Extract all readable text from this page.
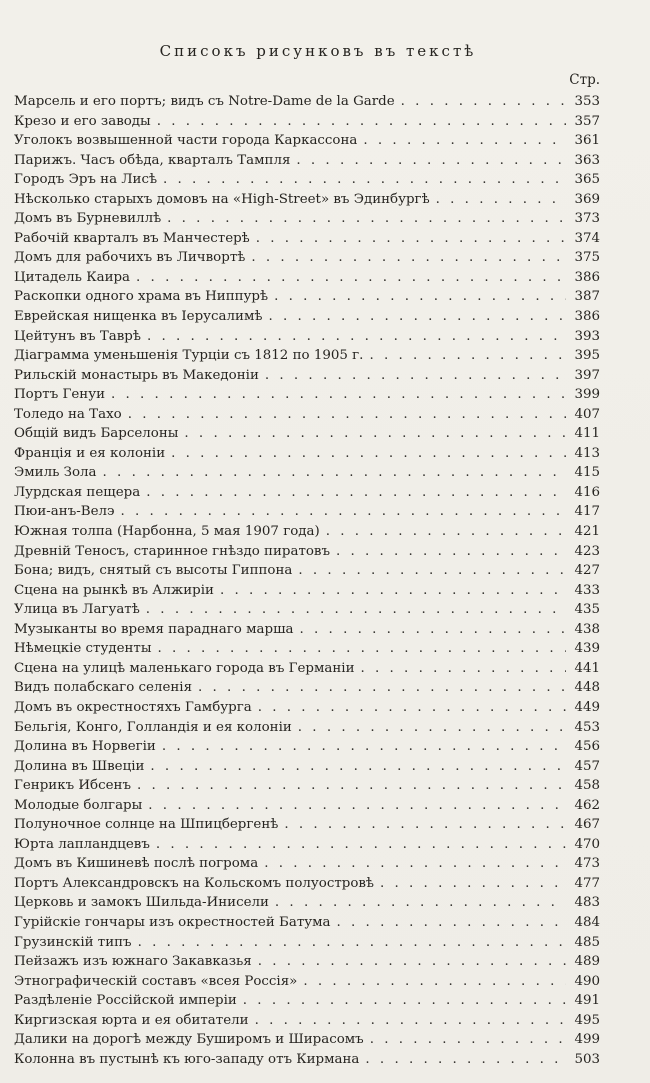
Списокъ рисунковъ въ текстѣ
Стр.
Марсель и его портъ; видъ съ Notre-Dame de la Garde . . .	353
Крезо и его заводы . . .	357
Уголокъ возвышенной части города Каркассона . . .	361
Парижъ. Часъ обѣда, кварталъ Тампля . . .	363
Городъ Эръ на Лисѣ . . .	365
Нѣсколько старыхъ домовъ на «High-Street» въ Эдинбургѣ . . .	369
Домъ въ Бурневиллѣ . . .	373
Рабочій кварталъ въ Манчестерѣ . . .	374
Домъ для рабочихъ въ Личвортѣ . . .	375
Цитадель Каира . . .	386
Раскопки одного храма въ Ниппурѣ . . .	387
Еврейская нищенка въ Іерусалимѣ . . .	386
Цейтунъ въ Таврѣ . . .	393
Діаграмма уменьшенія Турціи съ 1812 по 1905 г. . . .	395
Рильскій монастырь въ Македоніи . . .	397
Портъ Генуи . . .	399
Толедо на Тахо . . .	407
Общій видъ Барселоны . . .	411
Франція и ея колоніи . . .	413
Эмиль Зола . . .	415
Лурдская пещера . . .	416
Пюи-анъ-Велэ . . .	417
Южная толпа (Нарбонна, 5 мая 1907 года) . . .	421
Древній Теносъ, старинное гнѣздо пиратовъ . . .	423
Бона; видъ, снятый съ высоты Гиппона . . .	427
Сцена на рынкѣ въ Алжиріи . . .	433
Улица въ Лагуатѣ . . .	435
Музыканты во время параднаго марша . . .	438
Нѣмецкіе студенты . . .	439
Сцена на улицѣ маленькаго города въ Германіи . . .	441
Видъ полабскаго селенія . . .	448
Домъ въ окрестностяхъ Гамбурга . . .	449
Бельгія, Конго, Голландія и ея колоніи . . .	453
Долина въ Норвегіи . . .	456
Долина въ Швеціи . . .	457
Генрикъ Ибсенъ . . .	458
Молодые болгары . . .	462
Полуночное солнце на Шпицбергенѣ . . .	467
Юрта лапландцевъ . . .	470
Домъ въ Кишиневѣ послѣ погрома . . .	473
Портъ Александровскъ на Кольскомъ полуостровѣ . . .	477
Церковь и замокъ Шильда-Инисели . . .	483
Гурійскіе гончары изъ окрестностей Батума . . .	484
Грузинскій типъ . . .	485
Пейзажъ изъ южнаго Закавказья . . .	489
Этнографическій составъ «всея Россія» . . .	490
Раздѣленіе Россійской имперіи . . .	491
Киргизская юрта и ея обитатели . . .	495
Далики на дорогѣ между Буширомъ и Ширасомъ . . .	499
Колонна въ пустынѣ къ юго-западу отъ Кирмана . . .	503
